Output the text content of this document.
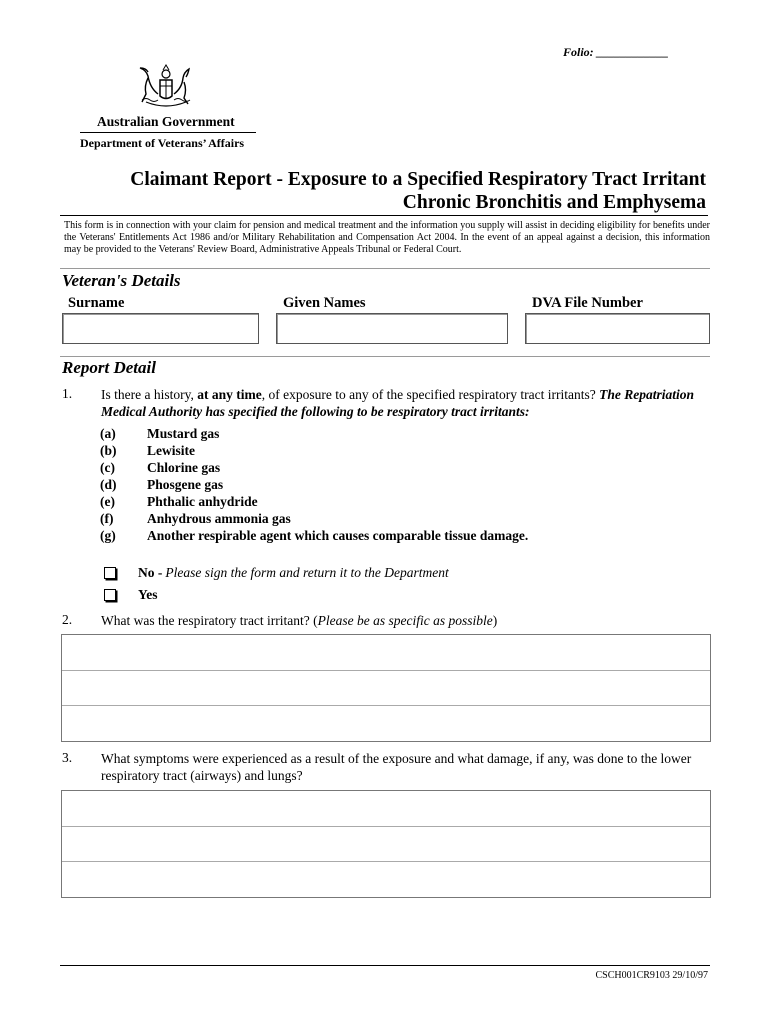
Folio: ____________
Australian Government
Department of Veterans’ Affairs
Claimant Report - Exposure to a Specified Respiratory Tract Irritant
Chronic Bronchitis and Emphysema
This form is in connection with your claim for pension and medical treatment and the information you supply will assist in deciding eligibility for benefits under the Veterans' Entitlements Act 1986 and/or Military Rehabilitation and Compensation Act 2004. In the event of an appeal against a decision, this information may be provided to the Veterans' Review Board, Administrative Appeals Tribunal or Federal Court.
Veteran's Details
Surname	Given Names	DVA File Number
Report Detail
1. Is there a history, at any time, of exposure to any of the specified respiratory tract irritants? The Repatriation Medical Authority has specified the following to be respiratory tract irritants:
(a)	Mustard gas
(b)	Lewisite
(c)	Chlorine gas
(d)	Phosgene gas
(e)	Phthalic anhydride
(f)	Anhydrous ammonia gas
(g)	Another respirable agent which causes comparable tissue damage.
No - Please sign the form and return it to the Department
Yes
2. What was the respiratory tract irritant? (Please be as specific as possible)
3. What symptoms were experienced as a result of the exposure and what damage, if any, was done to the lower respiratory tract (airways) and lungs?
CSCH001CR9103 29/10/97
